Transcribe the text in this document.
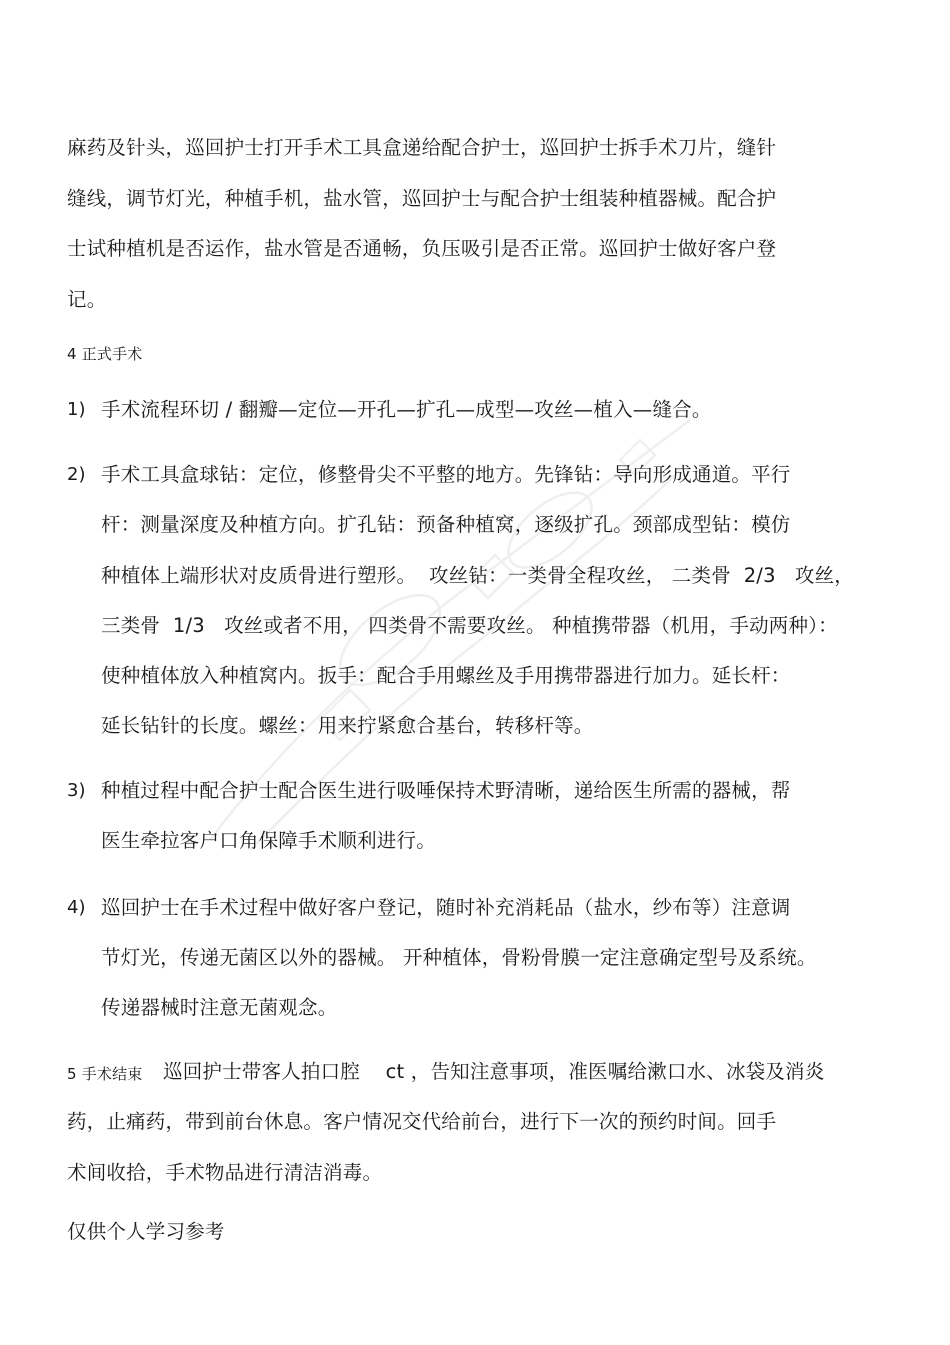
麻药及针头，巡回护士打开手术工具盒递给配合护士，巡回护士拆手术刀片，缝针
缝线，调节灯光，种植手机，盐水管，巡回护士与配合护士组装种植器械。配合护
士试种植机是否运作，盐水管是否通畅，负压吸引是否正常。巡回护士做好客户登
记。
4 正式手术
1) 手术流程环切 / 翻瓣—定位—开孔—扩孔—成型—攻丝—植入—缝合。
2) 手术工具盒球钻：定位，修整骨尖不平整的地方。先锋钻：导向形成通道。平行
杆：测量深度及种植方向。扩孔钻：预备种植窝，逐级扩孔。颈部成型钻：模仿
种植体上端形状对皮质骨进行塑形。  攻丝钻：一类骨全程攻丝， 二类骨  2/3   攻丝，
三类骨  1/3   攻丝或者不用， 四类骨不需要攻丝。 种植携带器（机用，手动两种）：
使种植体放入种植窝内。扳手：配合手用螺丝及手用携带器进行加力。延长杆：
延长钻针的长度。螺丝：用来拧紧愈合基台，转移杆等。
3) 种植过程中配合护士配合医生进行吸唾保持术野清晰，递给医生所需的器械，帮
医生牵拉客户口角保障手术顺利进行。
4) 巡回护士在手术过程中做好客户登记，随时补充消耗品（盐水，纱布等）注意调
节灯光，传递无菌区以外的器械。 开种植体，骨粉骨膜一定注意确定型号及系统。
传递器械时注意无菌观念。
5 手术结束 巡回护士带客人拍口腔    ct ，告知注意事项，准医嘱给漱口水、冰袋及消炎
药，止痛药，带到前台休息。客户情况交代给前台，进行下一次的预约时间。回手
术间收拾，手术物品进行清洁消毒。
仅供个人学习参考
